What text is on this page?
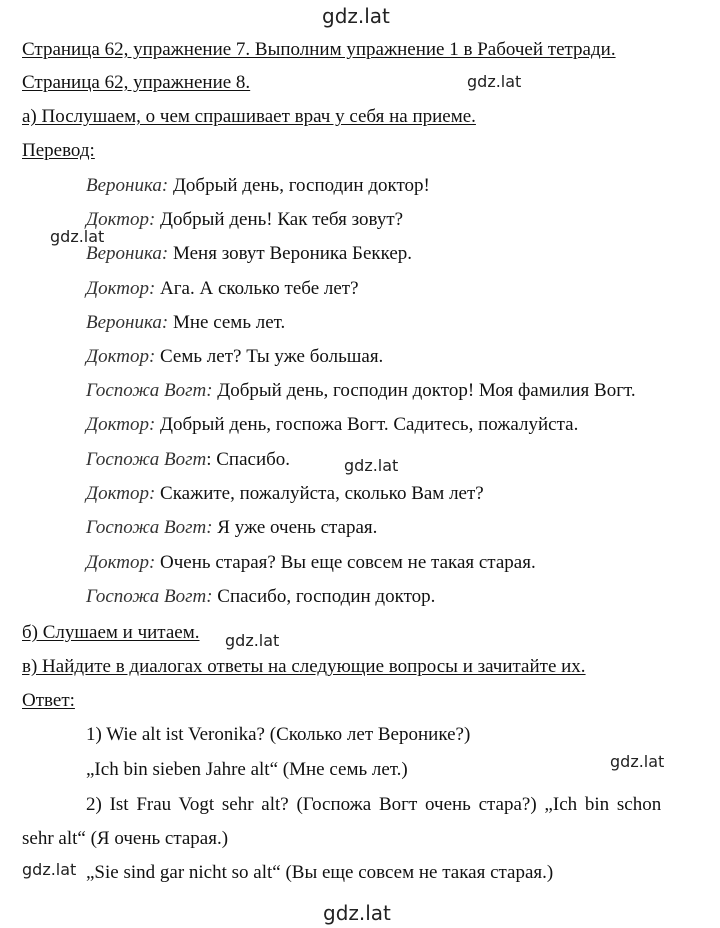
gdz.lat
gdz.lat
gdz.lat
gdz.lat
gdz.lat
gdz.lat
gdz.lat
gdz.lat
Страница 62, упражнение 7. Выполним упражнение 1 в Рабочей тетради.
Страница 62, упражнение 8.
а) Послушаем, о чем спрашивает врач у себя на приеме.
Перевод:
Вероника: Добрый день, господин доктор!
Доктор: Добрый день! Как тебя зовут?
Вероника: Меня зовут Вероника Беккер.
Доктор: Ага. А сколько тебе лет?
Вероника: Мне семь лет.
Доктор: Семь лет? Ты уже большая.
Госпожа Вогт: Добрый день, господин доктор! Моя фамилия Вогт.
Доктор: Добрый день, госпожа Вогт. Садитесь, пожалуйста.
Госпожа Вогт: Спасибо.
Доктор: Скажите, пожалуйста, сколько Вам лет?
Госпожа Вогт: Я уже очень старая.
Доктор: Очень старая? Вы еще совсем не такая старая.
Госпожа Вогт: Спасибо, господин доктор.
б) Слушаем и читаем.
в) Найдите в диалогах ответы на следующие вопросы и зачитайте их.
Ответ:
1) Wie alt ist Veronika? (Сколько лет Веронике?)
„Ich bin sieben Jahre alt“ (Мне семь лет.)
2) Ist Frau Vogt sehr alt? (Госпожа Вогт очень стара?) „Ich bin schon
sehr alt“ (Я очень старая.)
„Sie sind gar nicht so alt“ (Вы еще совсем не такая старая.)
